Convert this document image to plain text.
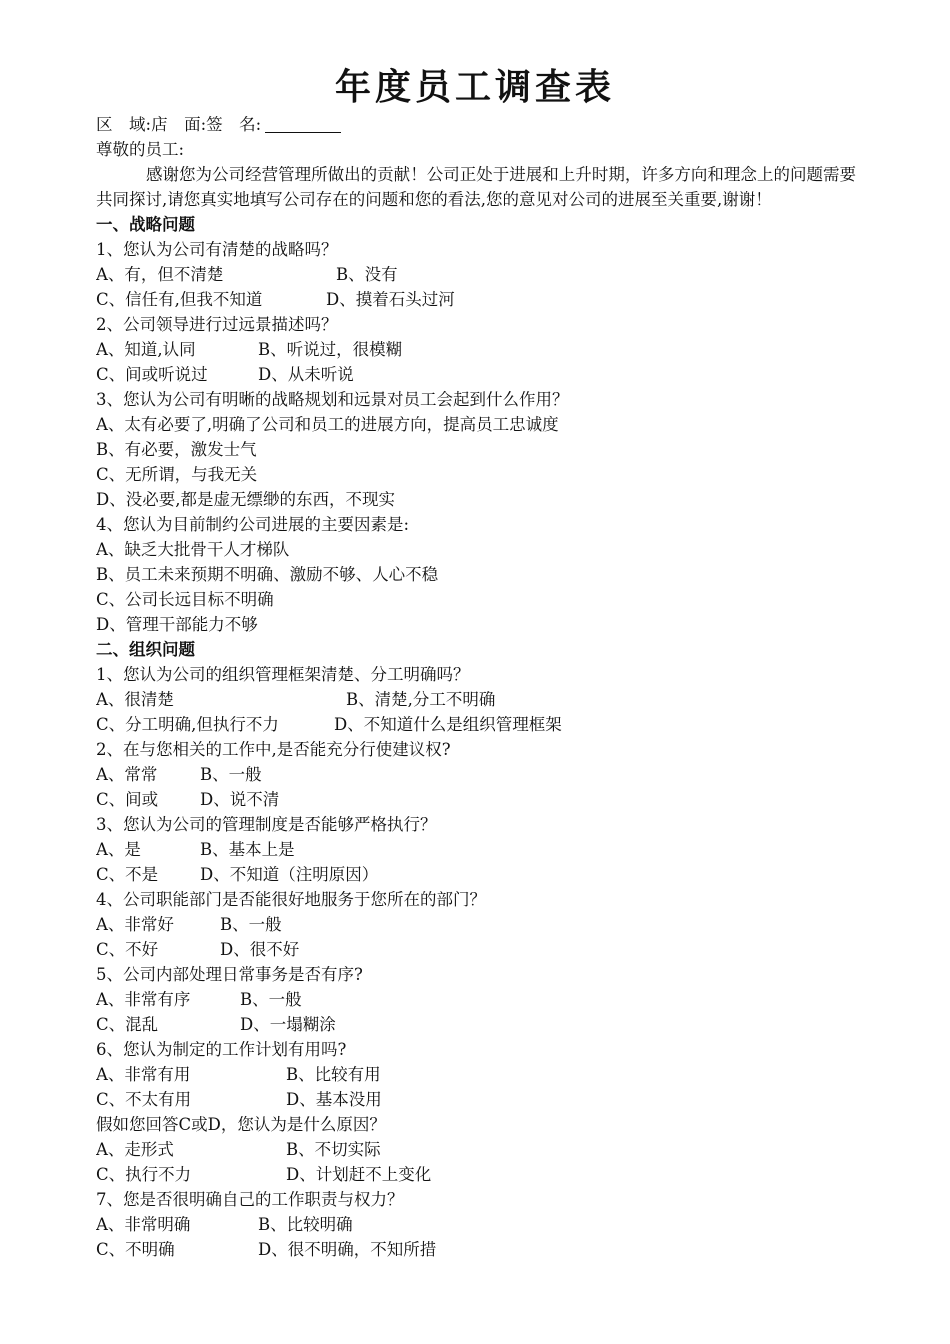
年度员工调查表
区　域:店　面:签　名:
尊敬的员工:
感谢您为公司经营管理所做出的贡献！公司正处于进展和上升时期，许多方向和理念上的问题需要共同探讨,请您真实地填写公司存在的问题和您的看法,您的意见对公司的进展至关重要,谢谢！
一、战略问题
1、您认为公司有清楚的战略吗？
A、有，但不清楚	B、没有
C、信任有,但我不知道	D、摸着石头过河
2、公司领导进行过远景描述吗？
A、知道,认同	B、听说过，很模糊
C、间或听说过	D、从未听说
3、您认为公司有明晰的战略规划和远景对员工会起到什么作用？
A、太有必要了,明确了公司和员工的进展方向，提高员工忠诚度
B、有必要，激发士气
C、无所谓，与我无关
D、没必要,都是虚无缥缈的东西，不现实
4、您认为目前制约公司进展的主要因素是:
A、缺乏大批骨干人才梯队
B、员工未来预期不明确、激励不够、人心不稳
C、公司长远目标不明确
D、管理干部能力不够
二、组织问题
1、您认为公司的组织管理框架清楚、分工明确吗？
A、很清楚	B、清楚,分工不明确
C、分工明确,但执行不力	D、不知道什么是组织管理框架
2、在与您相关的工作中,是否能充分行使建议权?
A、常常	B、一般
C、间或	D、说不清
3、您认为公司的管理制度是否能够严格执行？
A、是	B、基本上是
C、不是	D、不知道（注明原因）
4、公司职能部门是否能很好地服务于您所在的部门？
A、非常好	B、一般
C、不好	D、很不好
5、公司内部处理日常事务是否有序?
A、非常有序	B、一般
C、混乱	D、一塌糊涂
6、您认为制定的工作计划有用吗?
A、非常有用	B、比较有用
C、不太有用	D、基本没用
假如您回答C或D，您认为是什么原因？
A、走形式	B、不切实际
C、执行不力	D、计划赶不上变化
7、您是否很明确自己的工作职责与权力？
A、非常明确	B、比较明确
C、不明确	D、很不明确，不知所措
